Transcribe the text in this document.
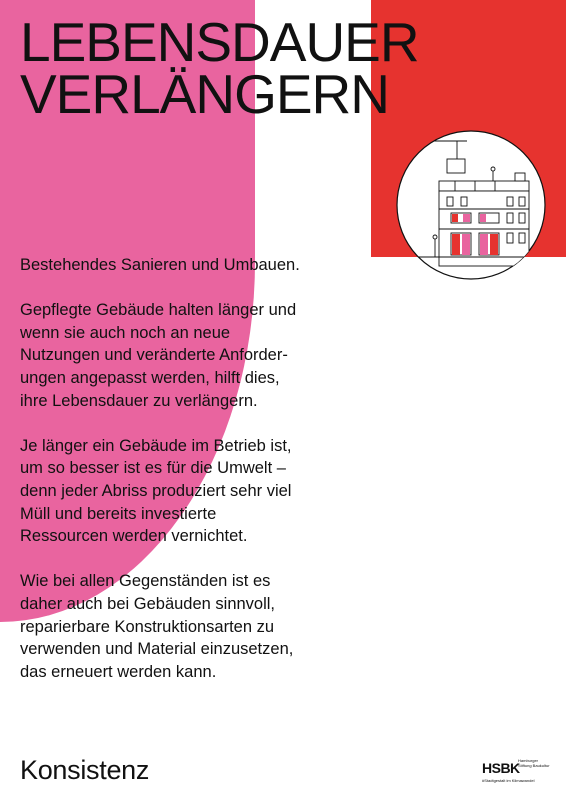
LEBENSDAUER
VERLÄNGERN

Bestehendes Sanieren und Umbauen.

Gepflegte Gebäude halten länger und

wenn sie auch noch an neue

Nutzungen und veränderte Anforder-

ungen angepasst werden, hilft dies,

ihre Lebensdauer zu verlängern.

Je länger ein Gebäude im Betrieb ist,

um so besser ist es für die Umwelt –

denn jeder Abriss produziert sehr viel

Müll und bereits investierte

Ressourcen werden vernichtet.

Wie bei allen Gegenständen ist es

daher auch bei Gebäuden sinnvoll,

reparierbare Konstruktionsarten zu

verwenden und Material einzusetzen,

das erneuert werden kann.

Konsistenz	HSBK
Hamburger Stiftung Baukultur
#Stadtgestalt im Klimawandel
